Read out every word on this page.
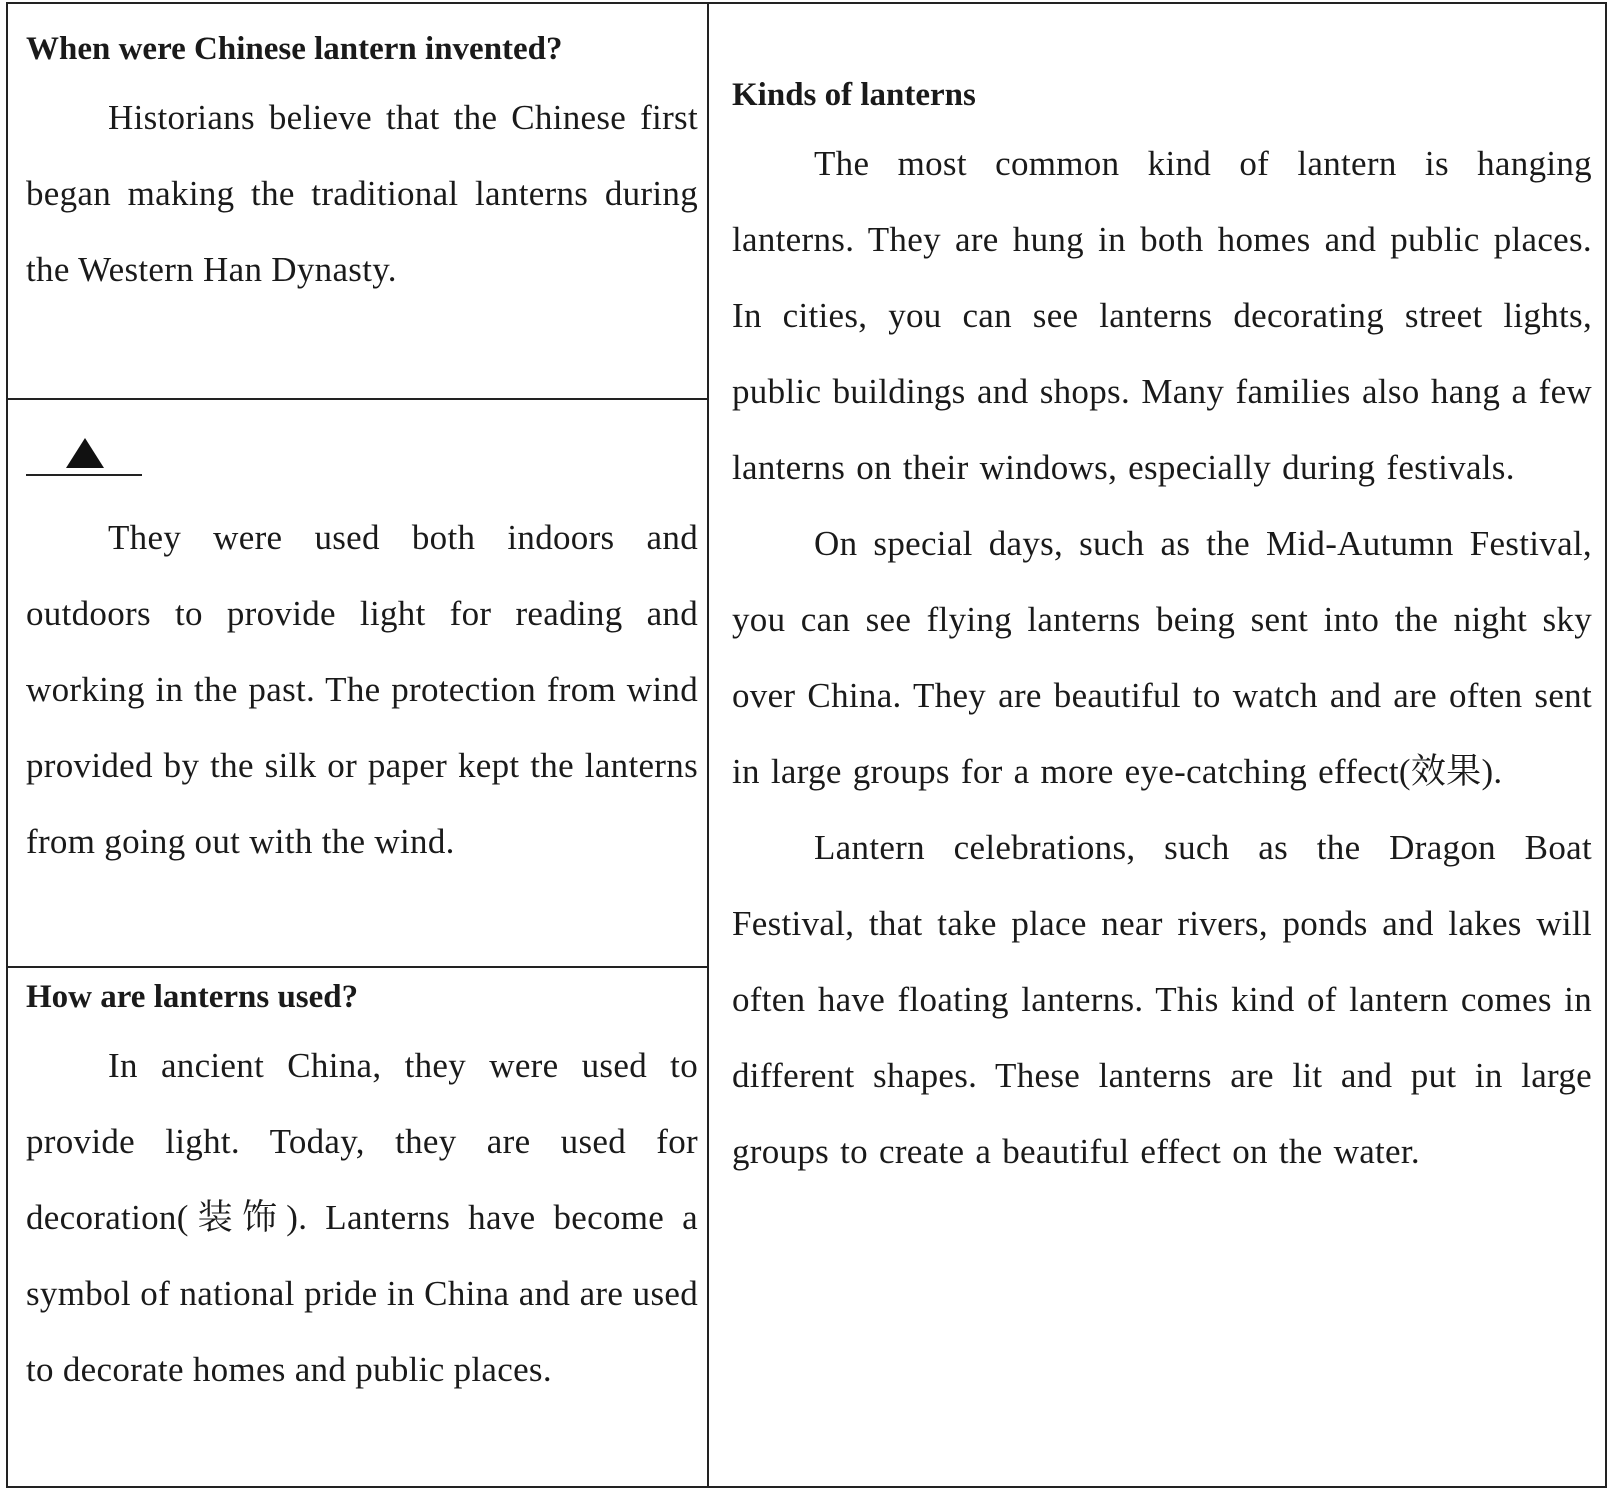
When were Chinese lantern invented?

Historians believe that the Chinese first began making the traditional lanterns during the Western Han Dynasty.

They were used both indoors and outdoors to provide light for reading and working in the past. The protection from wind provided by the silk or paper kept the lanterns from going out with the wind.

How are lanterns used?

In ancient China, they were used to provide light. Today, they are used for decoration(装饰). Lanterns have become a symbol of national pride in China and are used to decorate homes and public places.

Kinds of lanterns

The most common kind of lantern is hanging lanterns. They are hung in both homes and public places. In cities, you can see lanterns decorating street lights, public buildings and shops. Many families also hang a few lanterns on their windows, especially during festivals.

On special days, such as the Mid-Autumn Festival, you can see flying lanterns being sent into the night sky over China. They are beautiful to watch and are often sent in large groups for a more eye-catching effect(效果).

Lantern celebrations, such as the Dragon Boat Festival, that take place near rivers, ponds and lakes will often have floating lanterns. This kind of lantern comes in different shapes. These lanterns are lit and put in large groups to create a beautiful effect on the water.
